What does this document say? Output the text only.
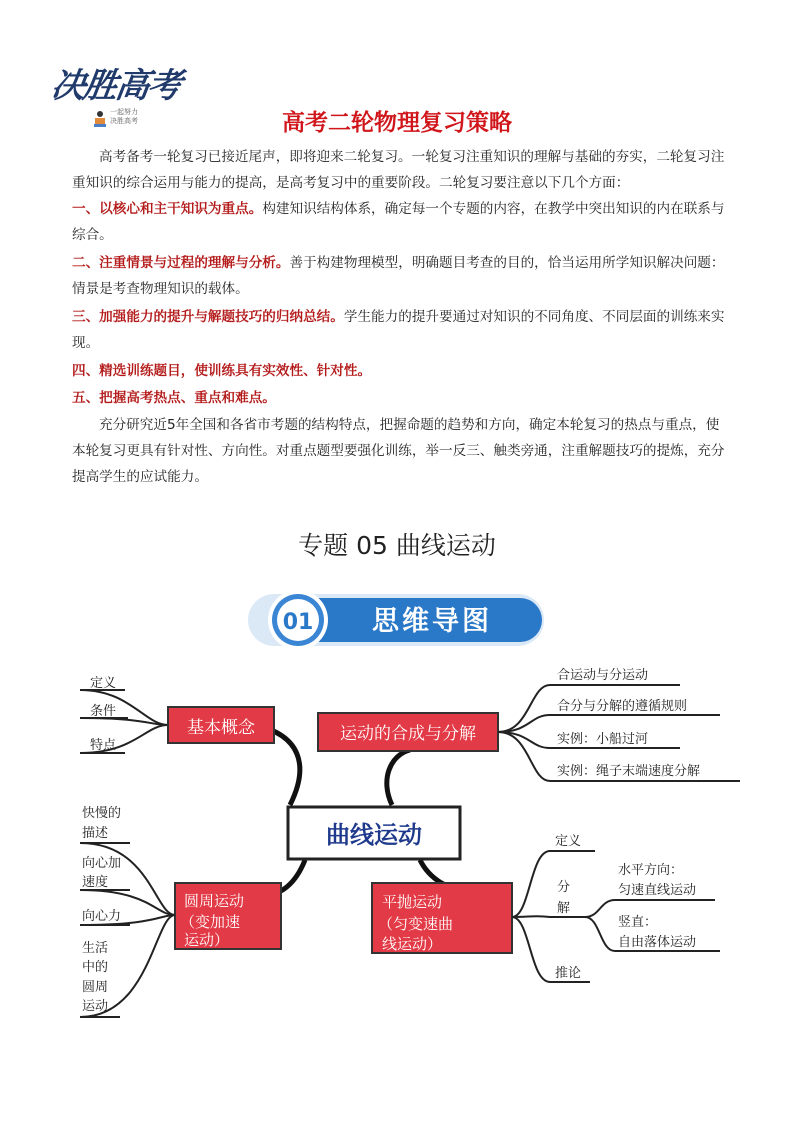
决胜高考
一起努力
决胜高考	高考二轮物理复习策略
高考备考一轮复习已接近尾声，即将迎来二轮复习。一轮复习注重知识的理解与基础的夯实，二轮复习注重知识的综合运用与能力的提高，是高考复习中的重要阶段。二轮复习要注意以下几个方面：
一、以核心和主干知识为重点。构建知识结构体系，确定每一个专题的内容，在教学中突出知识的内在联系与综合。
二、注重情景与过程的理解与分析。善于构建物理模型，明确题目考查的目的，恰当运用所学知识解决问题：情景是考查物理知识的载体。
三、加强能力的提升与解题技巧的归纳总结。学生能力的提升要通过对知识的不同角度、不同层面的训练来实现。
四、精选训练题目，使训练具有实效性、针对性。
五、把握高考热点、重点和难点。
充分研究近5年全国和各省市考题的结构特点，把握命题的趋势和方向，确定本轮复习的热点与重点，使本轮复习更具有针对性、方向性。对重点题型要强化训练，举一反三、触类旁通，注重解题技巧的提炼，充分提高学生的应试能力。
专题 05 曲线运动
01 思维导图
定义
条件
特点
基本概念	运动的合成与分解
合运动与分运动
合分与分解的遵循规则
实例：小船过河
实例：绳子末端速度分解
曲线运动
圆周运动
（变加速
运动）
快慢的
描述
向心加
速度
向心力
生活
中的
圆周
运动
平抛运动
（匀变速曲
线运动）
定义
分
解
推论
水平方向：
匀速直线运动
竖直：
自由落体运动
